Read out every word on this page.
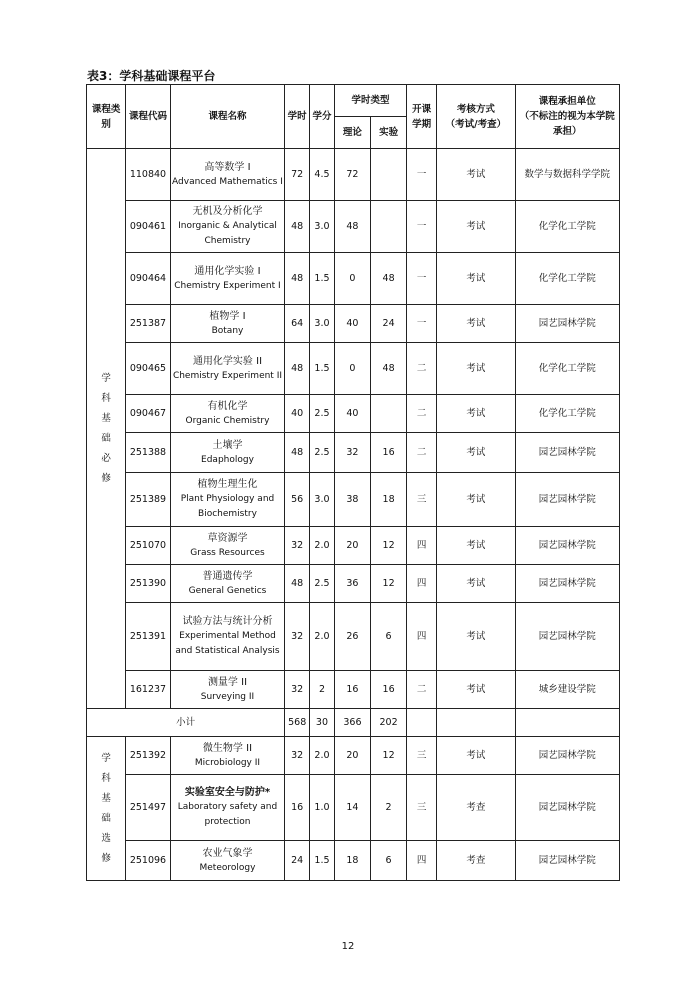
表3：学科基础课程平台
课程类别	课程代码	课程名称	学时	学分	学时类型		开课学期	考核方式
（考试/考查）	课程承担单位
（不标注的视为本学院承担）

					理论	实验			

学科基础必修	110840	高等数学 I
Advanced Mathematics I	72	4.5	72		一	考试	数学与数据科学学院
	090461	无机及分析化学
Inorganic & Analytical Chemistry	48	3.0	48		一	考试	化学化工学院
	090464	通用化学实验 I
Chemistry Experiment I	48	1.5	0	48	一	考试	化学化工学院
	251387	植物学 I
Botany	64	3.0	40	24	一	考试	园艺园林学院
	090465	通用化学实验 II
Chemistry Experiment II	48	1.5	0	48	二	考试	化学化工学院
	090467	有机化学
Organic Chemistry	40	2.5	40		二	考试	化学化工学院
	251388	土壤学
Edaphology	48	2.5	32	16	二	考试	园艺园林学院
	251389	植物生理生化
Plant Physiology and Biochemistry	56	3.0	38	18	三	考试	园艺园林学院
	251070	草资源学
Grass Resources	32	2.0	20	12	四	考试	园艺园林学院
	251390	普通遗传学
General Genetics	48	2.5	36	12	四	考试	园艺园林学院
	251391	试验方法与统计分析
Experimental Method and Statistical Analysis	32	2.0	26	6	四	考试	园艺园林学院
	161237	测量学 II
Surveying II	32	2	16	16	二	考试	城乡建设学院
小计			568	30	366	202			

学科基础选修	251392	微生物学 II
Microbiology II	32	2.0	20	12	三	考试	园艺园林学院
	251497	实验室安全与防护*
Laboratory safety and protection	16	1.0	14	2	三	考查	园艺园林学院
	251096	农业气象学
Meteorology	24	1.5	18	6	四	考查	园艺园林学院
12
